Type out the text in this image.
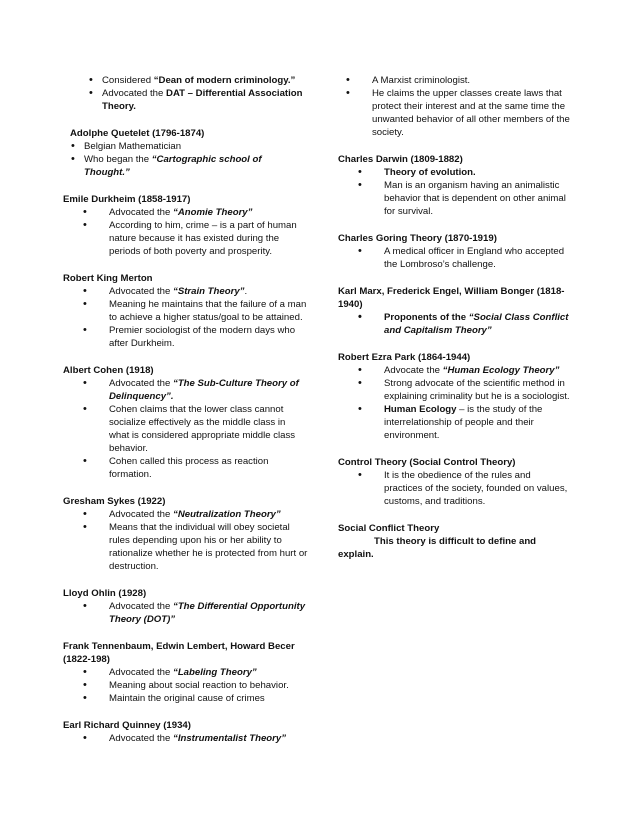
• Considered “Dean of modern criminology.”
• Advocated the DAT – Differential Association Theory.

Adolphe Quetelet (1796-1874)

• Belgian Mathematician
• Who began the “Cartographic school of Thought.”

Emile Durkheim (1858-1917)

• Advocated the “Anomie Theory”
• According to him, crime – is a part of human nature because it has existed during the periods of both poverty and prosperity.

Robert King Merton

• Advocated the “Strain Theory”.
• Meaning he maintains that the failure of a man to achieve a higher status/goal to be attained.
• Premier sociologist of the modern days who after Durkheim.

Albert Cohen (1918)

• Advocated the “The Sub-Culture Theory of Delinquency”.
• Cohen claims that the lower class cannot socialize effectively as the middle class in what is considered appropriate middle class behavior.
• Cohen called this process as reaction formation.

Gresham Sykes (1922)

• Advocated the “Neutralization Theory”
• Means that the individual will obey societal rules depending upon his or her ability to rationalize whether he is protected from hurt or destruction.

Lloyd Ohlin (1928)

• Advocated the “The Differential Opportunity Theory (DOT)”

Frank Tennenbaum, Edwin Lembert, Howard Becer (1822-198)

• Advocated the “Labeling Theory”
• Meaning about social reaction to behavior.
• Maintain the original cause of crimes

Earl Richard Quinney (1934)

• Advocated the “Instrumentalist Theory”
• A Marxist criminologist.
• He claims the upper classes create laws that protect their interest and at the same time the unwanted behavior of all other members of the society.

Charles Darwin (1809-1882)

• Theory of evolution.
• Man is an organism having an animalistic behavior that is dependent on other animal for survival.

Charles Goring Theory (1870-1919)

• A medical officer in England who accepted the Lombroso’s challenge.

Karl Marx, Frederick Engel, William Bonger (1818-1940)

• Proponents of the “Social Class Conflict and Capitalism Theory”

Robert Ezra Park (1864-1944)

• Advocate the “Human Ecology Theory”
• Strong advocate of the scientific method in explaining criminality but he is a sociologist.
• Human Ecology – is the study of the interrelationship of people and their environment.

Control Theory (Social Control Theory)

• It is the obedience of the rules and practices of the society, founded on values, customs, and traditions.

Social Conflict Theory

This theory is difficult to define and

explain.
